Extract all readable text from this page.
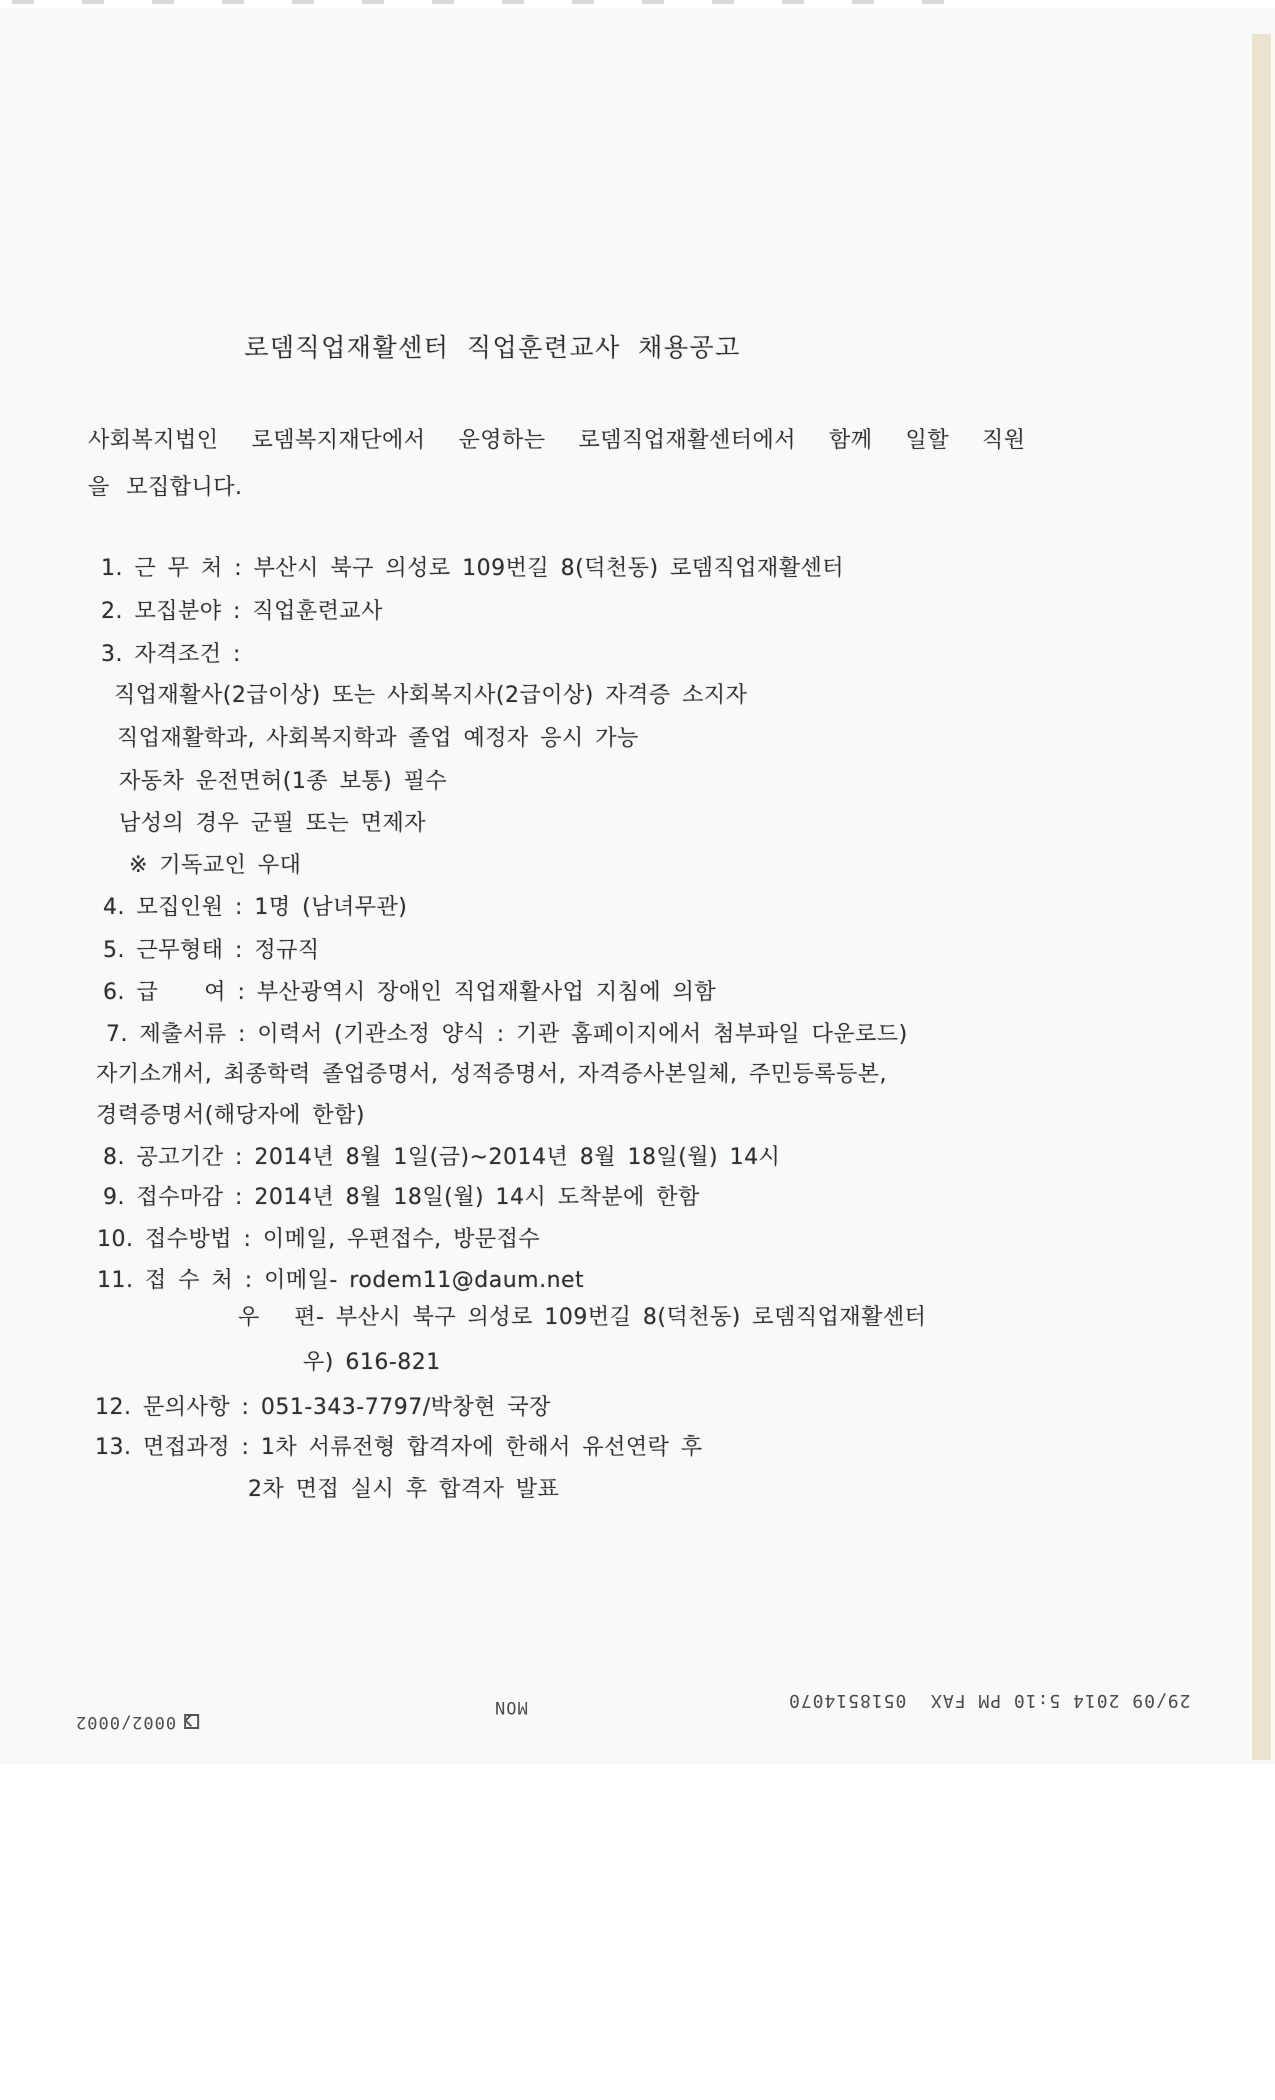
로뎀직업재활센터 직업훈련교사 채용공고
사회복지법인  로뎀복지재단에서  운영하는  로뎀직업재활센터에서  함께  일할  직원
을 모집합니다.
1. 근 무 처 : 부산시 북구 의성로 109번길 8(덕천동) 로뎀직업재활센터
2. 모집분야 : 직업훈련교사
3. 자격조건 :
직업재활사(2급이상) 또는 사회복지사(2급이상) 자격증 소지자
직업재활학과, 사회복지학과 졸업 예정자 응시 가능
자동차 운전면허(1종 보통) 필수
남성의 경우 군필 또는 면제자
※ 기독교인 우대
4. 모집인원 : 1명 (남녀무관)
5. 근무형태 : 정규직
6. 급    여 : 부산광역시 장애인 직업재활사업 지침에 의함
7. 제출서류 : 이력서 (기관소정 양식 : 기관 홈페이지에서 첨부파일 다운로드)
자기소개서, 최종학력 졸업증명서, 성적증명서, 자격증사본일체, 주민등록등본,
경력증명서(해당자에 한함)
8. 공고기간 : 2014년 8월 1일(금)~2014년 8월 18일(월) 14시
9. 접수마감 : 2014년 8월 18일(월) 14시 도착분에 한함
10. 접수방법 : 이메일, 우편접수, 방문접수
11. 접 수 처 : 이메일- rodem11@daum.net
우   편- 부산시 북구 의성로 109번길 8(덕천동) 로뎀직업재활센터
우) 616-821
12. 문의사항 : 051-343-7797/박창현 국장
13. 면접과정 : 1차 서류전형 합격자에 한해서 유선연락 후
2차 면접 실시 후 합격자 발표
0002/0002
MON	29/09 2014 5:10 PM FAX  0518514070
